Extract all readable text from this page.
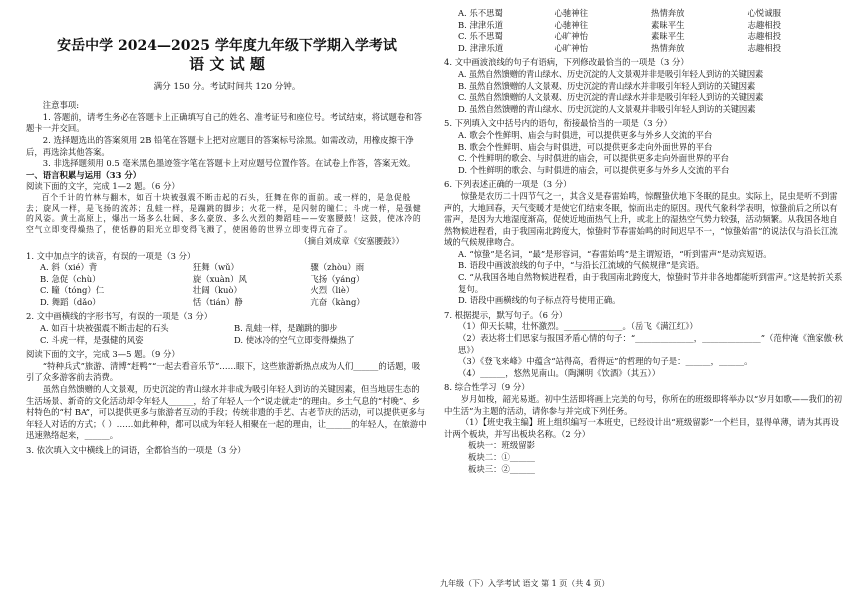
安岳中学 2024—2025 学年度九年级下学期入学考试
语 文 试 题
满分 150 分。考试时间共 120 分钟。

注意事项:

1. 答题前，请考生务必在答题卡上正确填写自己的姓名、准考证号和座位号。考试结束，将试题卷和答题卡一并交回。

2. 选择题选出的答案须用 2B 铅笔在答题卡上把对应题目的答案标号涂黑。如需改动，用橡皮擦干净后，再选涂其他答案。

3. 非选择题须用 0.5 毫米黑色墨迹签字笔在答题卡上对应题号位置作答。在试卷上作答，答案无效。

一、语言积累与运用（33 分）

阅读下面的文字，完成 1—2 题。（6 分）

百个千计的竹林与翻木，如百十块被强震不断击起的石头，狂舞在你的面前。或一样的，是急促般去；旋风一样，是飞扬的流苏；乱蛙一样，是蹦跳的脚步；火花一样，是闪射的瞳仁；斗虎一样，是强健的风姿。黄土高原上，爆出一场多么壮阔、多么豪放、多么火烈的舞蹈哇——安塞腰鼓！这鼓，使冰冷的空气立即变得燥热了，使恬静的阳光立即变得飞溅了，使困倦的世界立即变得亢奋了。

（摘自刘成章《安塞腰鼓》）

1. 文中加点字的读音，有误的一项是（3 分）

A. 斜（xié）背	狂舞（wǔ）	骤（zhòu）雨
B. 急促（chù）	旋（xuàn）风	飞扬（yáng）
C. 瞳（tóng）仁	壮阔（kuò）	火烈（liè）
D. 舞蹈（dǎo）	恬（tián）静	亢奋（kàng）

2. 文中画横线的字形书写，有误的一项是（3 分）

A. 如百十块被强震不断击起的石头	B. 乱蛙一样，是蹦跳的脚步
C. 斗虎一样，是强健的风姿	D. 使冰冷的空气立即变得燥热了

阅读下面的文字，完成 3—5 题。（9 分）

“特种兵式”旅游、清博“赶鸭”“一起去看音乐节”……眼下，这些旅游新热点成为人们______的话题，吸引了众多游客前去消费。

虽然自然馈赠的人文景观，历史沉淀的青山绿水并非成为吸引年轻人到访的关键因素，但当地居生态的生活场景、新奇的文化活动却令年轻人______，给了年轻人一个“说走就走”的理由。乡土气息的“村晚”、乡村特色的“村 BA”，可以提供更多与旅游者互动的手段；传统非遗的手艺、古老节庆的活动，可以提供更多与年轻人对话的方式；（ ）……如此种种，都可以成为年轻人相聚在一起的理由，让______的年轻人，在旅游中迅速熟络起来，______。

3. 依次填入文中横线上的词语，全都恰当的一项是（3 分）

A. 乐不思蜀	心驰神往	热情奔放	心悦诚服
B. 津津乐道	心驰神往	素昧平生	志趣相投
C. 乐不思蜀	心旷神怡	素昧平生	志趣相投
D. 津津乐道	心旷神怡	热情奔放	志趣相投

4. 文中画波浪线的句子有语病，下列修改最恰当的一项是（3 分）

A. 虽然自然馈赠的青山绿水、历史沉淀的人文景观并非是吸引年轻人到访的关键因素
B. 虽然自然馈赠的人文景观、历史沉淀的青山绿水并非吸引年轻人到访的关键因素
C. 虽然自然馈赠的人文景观、历史沉淀的青山绿水并非是吸引年轻人到访的关键因素
D. 虽然自然馈赠的青山绿水、历史沉淀的人文景观并非吸引年轻人到访的关键因素

5. 下列填入文中括号内的语句，衔接最恰当的一项是（3 分）

A. 歌会个性鲜明、庙会与时俱进，可以提供更多与外乡人交流的平台
B. 歌会个性鲜明、庙会与时俱进，可以提供更多走向外面世界的平台
C. 个性鲜明的歌会、与时俱进的庙会，可以提供更多走向外面世界的平台
D. 个性鲜明的歌会、与时俱进的庙会，可以提供更多与外乡人交流的平台

6. 下列表述正确的一项是（3 分）

惊蛰是农历二十四节气之一，其含义是春雷始鸣，惊醒蛰伏地下冬眠的昆虫。实际上，昆虫是听不到雷声的，大地回春，天气变暖才是使它们结束冬眠，惊而出走的原因。现代气象科学表明，惊蛰前后之所以有雷声，是因为大地湿度渐高，促使近地面热气上升，或北上的湿热空气势力较强，活动频繁。从我国各地自然物候进程看，由于我国南北跨度大，惊蛰时节春雷始鸣的时间迟早不一，“惊蛰始雷”的说法仅与沿长江流域的气候规律吻合。

A. “惊蛰”是名词，“最”是形容词，“春雷始鸣”是主谓短语，“听到雷声”是动宾短语。
B. 语段中画波浪线的句子中，“与沿长江流域的气候规律”是宾语。
C. “从我国各地自然物候进程看，由于我国南北跨度大，惊蛰时节并非各地都能听到雷声。”这是转折关系复句。
D. 语段中画横线的句子标点符号使用正确。

7. 根据提示，默写句子。（6 分）

（1）仰天长啸，壮怀激烈。______________。（岳飞《满江红》）
（2）表达将士们思家与报国矛盾心情的句子：“______________，______________”（范仲淹《渔家傲·秋思》）
（3）《登飞来峰》中蕴含“站得高，看得远”的哲理的句子是：______，______。
（4）______，悠然见南山。（陶渊明《饮酒》（其五））

8. 综合性学习（9 分）

岁月如梭，韶光易逝。初中生活即将画上完美的句号，你所在的班级即将举办以“岁月如歌——我们的初中生活”为主题的活动，请你参与并完成下列任务。

（1）【班史我主编】班上组织编写一本班史，已经设计出“班级留影”一个栏目，显得单薄，请为其再设计两个板块，并写出板块名称。（2 分）

板块一：班级留影
板块二：①______
板块三：②______
九年级（下）入学考试 语文 第 1 页（共 4 页）
